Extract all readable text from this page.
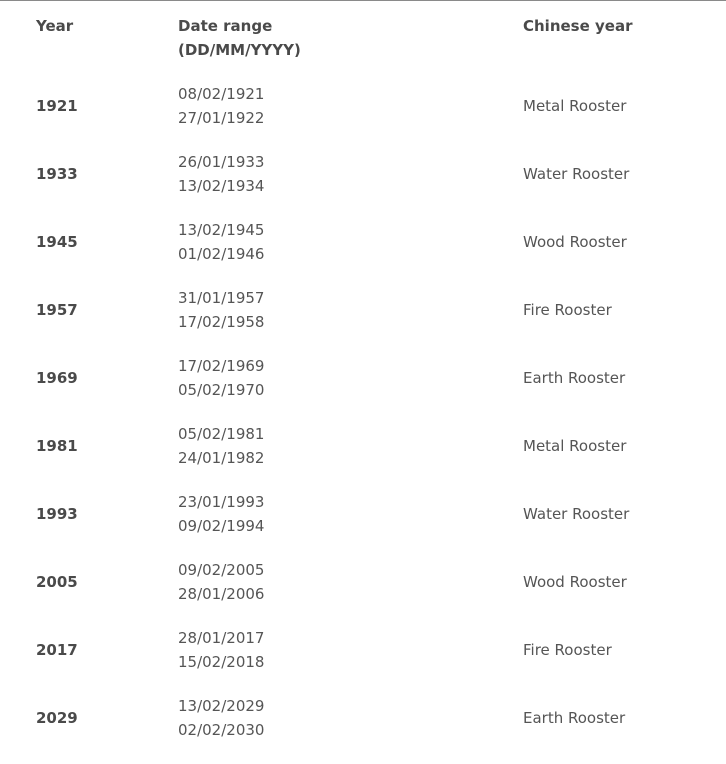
Year	Date range
(DD/MM/YYYY)
Chinese year
1921
08/02/1921
27/01/1922
Metal Rooster
1933
26/01/1933
13/02/1934
Water Rooster
1945
13/02/1945
01/02/1946
Wood Rooster
1957
31/01/1957
17/02/1958
Fire Rooster
1969
17/02/1969
05/02/1970
Earth Rooster
1981
05/02/1981
24/01/1982
Metal Rooster
1993
23/01/1993
09/02/1994
Water Rooster
2005
09/02/2005
28/01/2006
Wood Rooster
2017
28/01/2017
15/02/2018
Fire Rooster
2029
13/02/2029
02/02/2030
Earth Rooster
